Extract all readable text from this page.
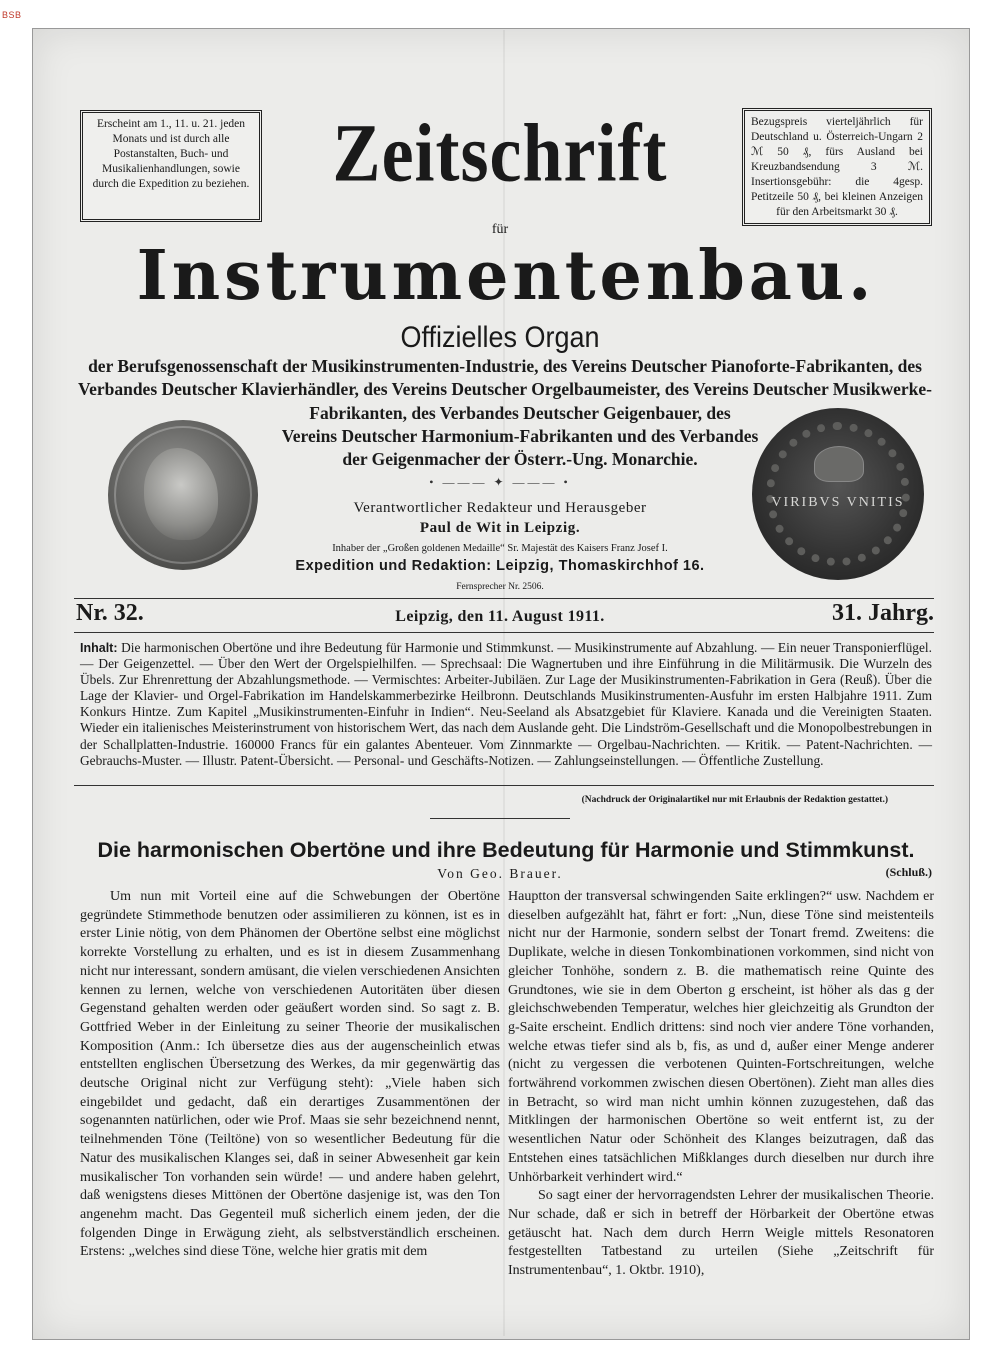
BSB
Erscheint am 1., 11. u. 21. jeden Monats und ist durch alle Postanstalten, Buch- und Musikalienhandlungen, sowie durch die Expedition zu beziehen.
Bezugspreis vierteljährlich für Deutschland u. Österreich-Ungarn 2 ℳ 50 ₰, fürs Ausland bei Kreuzbandsendung 3 ℳ. Insertionsgebühr: die 4gesp. Petitzeile 50 ₰, bei kleinen Anzeigen für den Arbeitsmarkt 30 ₰.
Zeitschrift
für
Instrumentenbau.
Offizielles Organ
der Berufsgenossenschaft der Musikinstrumenten-Industrie, des Vereins Deutscher Pianoforte-Fabrikanten, des Verbandes Deutscher Klavierhändler, des Vereins Deutscher Orgelbaumeister, des Vereins Deutscher Musikwerke-
Fabrikanten, des Verbandes Deutscher Geigenbauer, des Vereins Deutscher Harmonium-Fabrikanten und des Verbandes der Geigenmacher der Österr.-Ung. Monarchie.
VIRIBVS VNITIS
• ——— ✦ ——— •
Verantwortlicher Redakteur und Herausgeber
Paul de Wit in Leipzig.
Inhaber der „Großen goldenen Medaille“ Sr. Majestät des Kaisers Franz Josef I.
Expedition und Redaktion: Leipzig, Thomaskirchhof 16.
Fernsprecher Nr. 2506.
Nr. 32.	Leipzig, den 11. August 1911.	31. Jahrg.
Inhalt: Die harmonischen Obertöne und ihre Bedeutung für Harmonie und Stimmkunst. — Musikinstrumente auf Abzahlung. — Ein neuer Transponierflügel. — Der Geigenzettel. — Über den Wert der Orgelspielhilfen. — Sprechsaal: Die Wagnertuben und ihre Einführung in die Militärmusik. Die Wurzeln des Übels. Zur Ehrenrettung der Abzahlungsmethode. — Vermischtes: Arbeiter-Jubiläen. Zur Lage der Musikinstrumenten-Fabrikation in Gera (Reuß). Über die Lage der Klavier- und Orgel-Fabrikation im Handelskammerbezirke Heilbronn. Deutschlands Musikinstrumenten-Ausfuhr im ersten Halbjahre 1911. Zum Konkurs Hintze. Zum Kapitel „Musikinstrumenten-Einfuhr in Indien“. Neu-Seeland als Absatzgebiet für Klaviere. Kanada und die Vereinigten Staaten. Wieder ein italienisches Meisterinstrument von historischem Wert, das nach dem Auslande geht. Die Lindström-Gesellschaft und die Monopolbestrebungen in der Schallplatten-Industrie. 160000 Francs für ein galantes Abenteuer. Vom Zinnmarkte — Orgelbau-Nachrichten. — Kritik. — Patent-Nachrichten. — Gebrauchs-Muster. — Illustr. Patent-Übersicht. — Personal- und Geschäfts-Notizen. — Zahlungseinstellungen. — Öffentliche Zustellung.
(Nachdruck der Originalartikel nur mit Erlaubnis der Redaktion gestattet.)
Die harmonischen Obertöne und ihre Bedeutung für Harmonie und Stimmkunst.
Von Geo. Brauer.	(Schluß.)

Um nun mit Vorteil eine auf die Schwebungen der Obertöne gegründete Stimmethode benutzen oder assimilieren zu können, ist es in erster Linie nötig, von dem Phänomen der Obertöne selbst eine möglichst korrekte Vorstellung zu erhalten, und es ist in diesem Zusammenhang nicht nur interessant, sondern amüsant, die vielen verschiedenen Ansichten kennen zu lernen, welche von verschiedenen Autoritäten über diesen Gegenstand gehalten werden oder geäußert worden sind. So sagt z. B. Gottfried Weber in der Einleitung zu seiner Theorie der musikalischen Komposition (Anm.: Ich übersetze dies aus der augenscheinlich etwas entstellten englischen Übersetzung des Werkes, da mir gegenwärtig das deutsche Original nicht zur Verfügung steht): „Viele haben sich eingebildet und gedacht, daß ein derartiges Zusammentönen der sogenannten natürlichen, oder wie Prof. Maas sie sehr bezeichnend nennt, teilnehmenden Töne (Teiltöne) von so wesentlicher Bedeutung für die Natur des musikalischen Klanges sei, daß in seiner Abwesenheit gar kein musikalischer Ton vorhanden sein würde! — und andere haben gelehrt, daß wenigstens dieses Mittönen der Obertöne dasjenige ist, was den Ton angenehm macht. Das Gegenteil muß sicherlich einem jeden, der die folgenden Dinge in Erwägung zieht, als selbstverständlich erscheinen. Erstens: „welches sind diese Töne, welche hier gratis mit dem

Hauptton der transversal schwingenden Saite erklingen?“ usw. Nachdem er dieselben aufgezählt hat, fährt er fort: „Nun, diese Töne sind meistenteils nicht nur der Harmonie, sondern selbst der Tonart fremd. Zweitens: die Duplikate, welche in diesen Tonkombinationen vorkommen, sind nicht von gleicher Tonhöhe, sondern z. B. die mathematisch reine Quinte des Grundtones, wie sie in dem Oberton g erscheint, ist höher als das g der gleichschwebenden Temperatur, welches hier gleichzeitig als Grundton der g-Saite erscheint. Endlich drittens: sind noch vier andere Töne vorhanden, welche etwas tiefer sind als b, fis, as und d, außer einer Menge anderer (nicht zu vergessen die verbotenen Quinten-Fortschreitungen, welche fortwährend vorkommen zwischen diesen Obertönen). Zieht man alles dies in Betracht, so wird man nicht umhin können zuzugestehen, daß das Mitklingen der harmonischen Obertöne so weit entfernt ist, zu der wesentlichen Natur oder Schönheit des Klanges beizutragen, daß das Entstehen eines tatsächlichen Mißklanges durch dieselben nur durch ihre Unhörbarkeit verhindert wird.“

So sagt einer der hervorragendsten Lehrer der musikalischen Theorie. Nur schade, daß er sich in betreff der Hörbarkeit der Obertöne etwas getäuscht hat. Nach dem durch Herrn Weigle mittels Resonatoren festgestellten Tatbestand zu urteilen (Siehe „Zeitschrift für Instrumentenbau“, 1. Oktbr. 1910),
